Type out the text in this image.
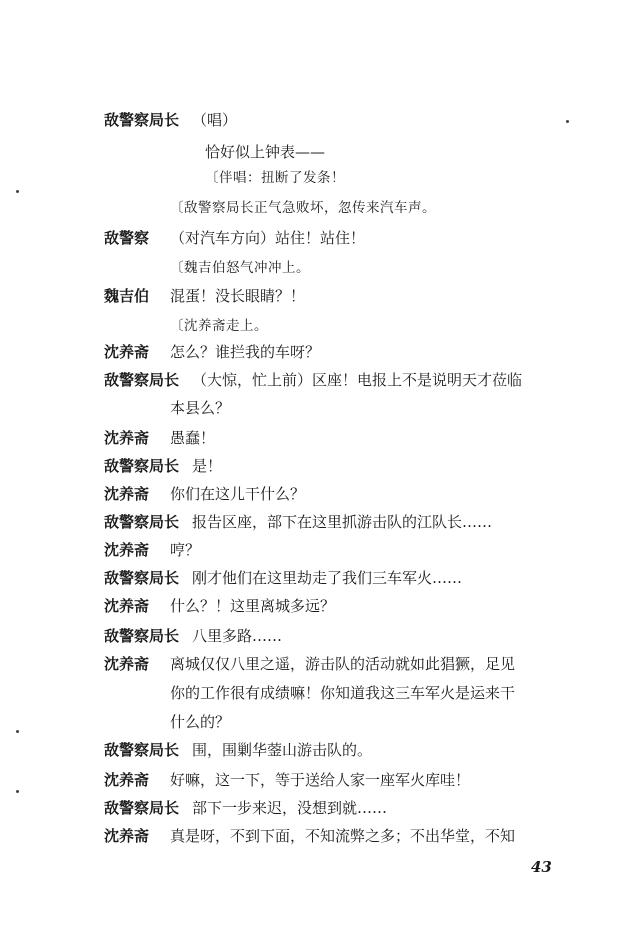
敌警察局长 （唱）
恰好似上钟表——
〔伴唱：扭断了发条！
〔敌警察局长正气急败坏，忽传来汽车声。
敌警察 （对汽车方向）站住！站住！
〔魏吉伯怒气冲冲上。
魏吉伯 混蛋！没长眼睛？！
〔沈养斋走上。
沈养斋 怎么？谁拦我的车呀？
敌警察局长 （大惊，忙上前）区座！电报上不是说明天才莅临
本县么？
沈养斋 愚蠢！
敌警察局长 是！
沈养斋 你们在这儿干什么？
敌警察局长 报告区座，部下在这里抓游击队的江队长……
沈养斋 哼？
敌警察局长 刚才他们在这里劫走了我们三车军火……
沈养斋 什么？！这里离城多远？
敌警察局长 八里多路……
沈养斋 离城仅仅八里之遥，游击队的活动就如此猖獗，足见
你的工作很有成绩嘛！你知道我这三车军火是运来干
什么的？
敌警察局长 围，围剿华蓥山游击队的。
沈养斋 好嘛，这一下，等于送给人家一座军火库哇！
敌警察局长 部下一步来迟，没想到就……
沈养斋 真是呀，不到下面，不知流弊之多；不出华堂，不知
43
